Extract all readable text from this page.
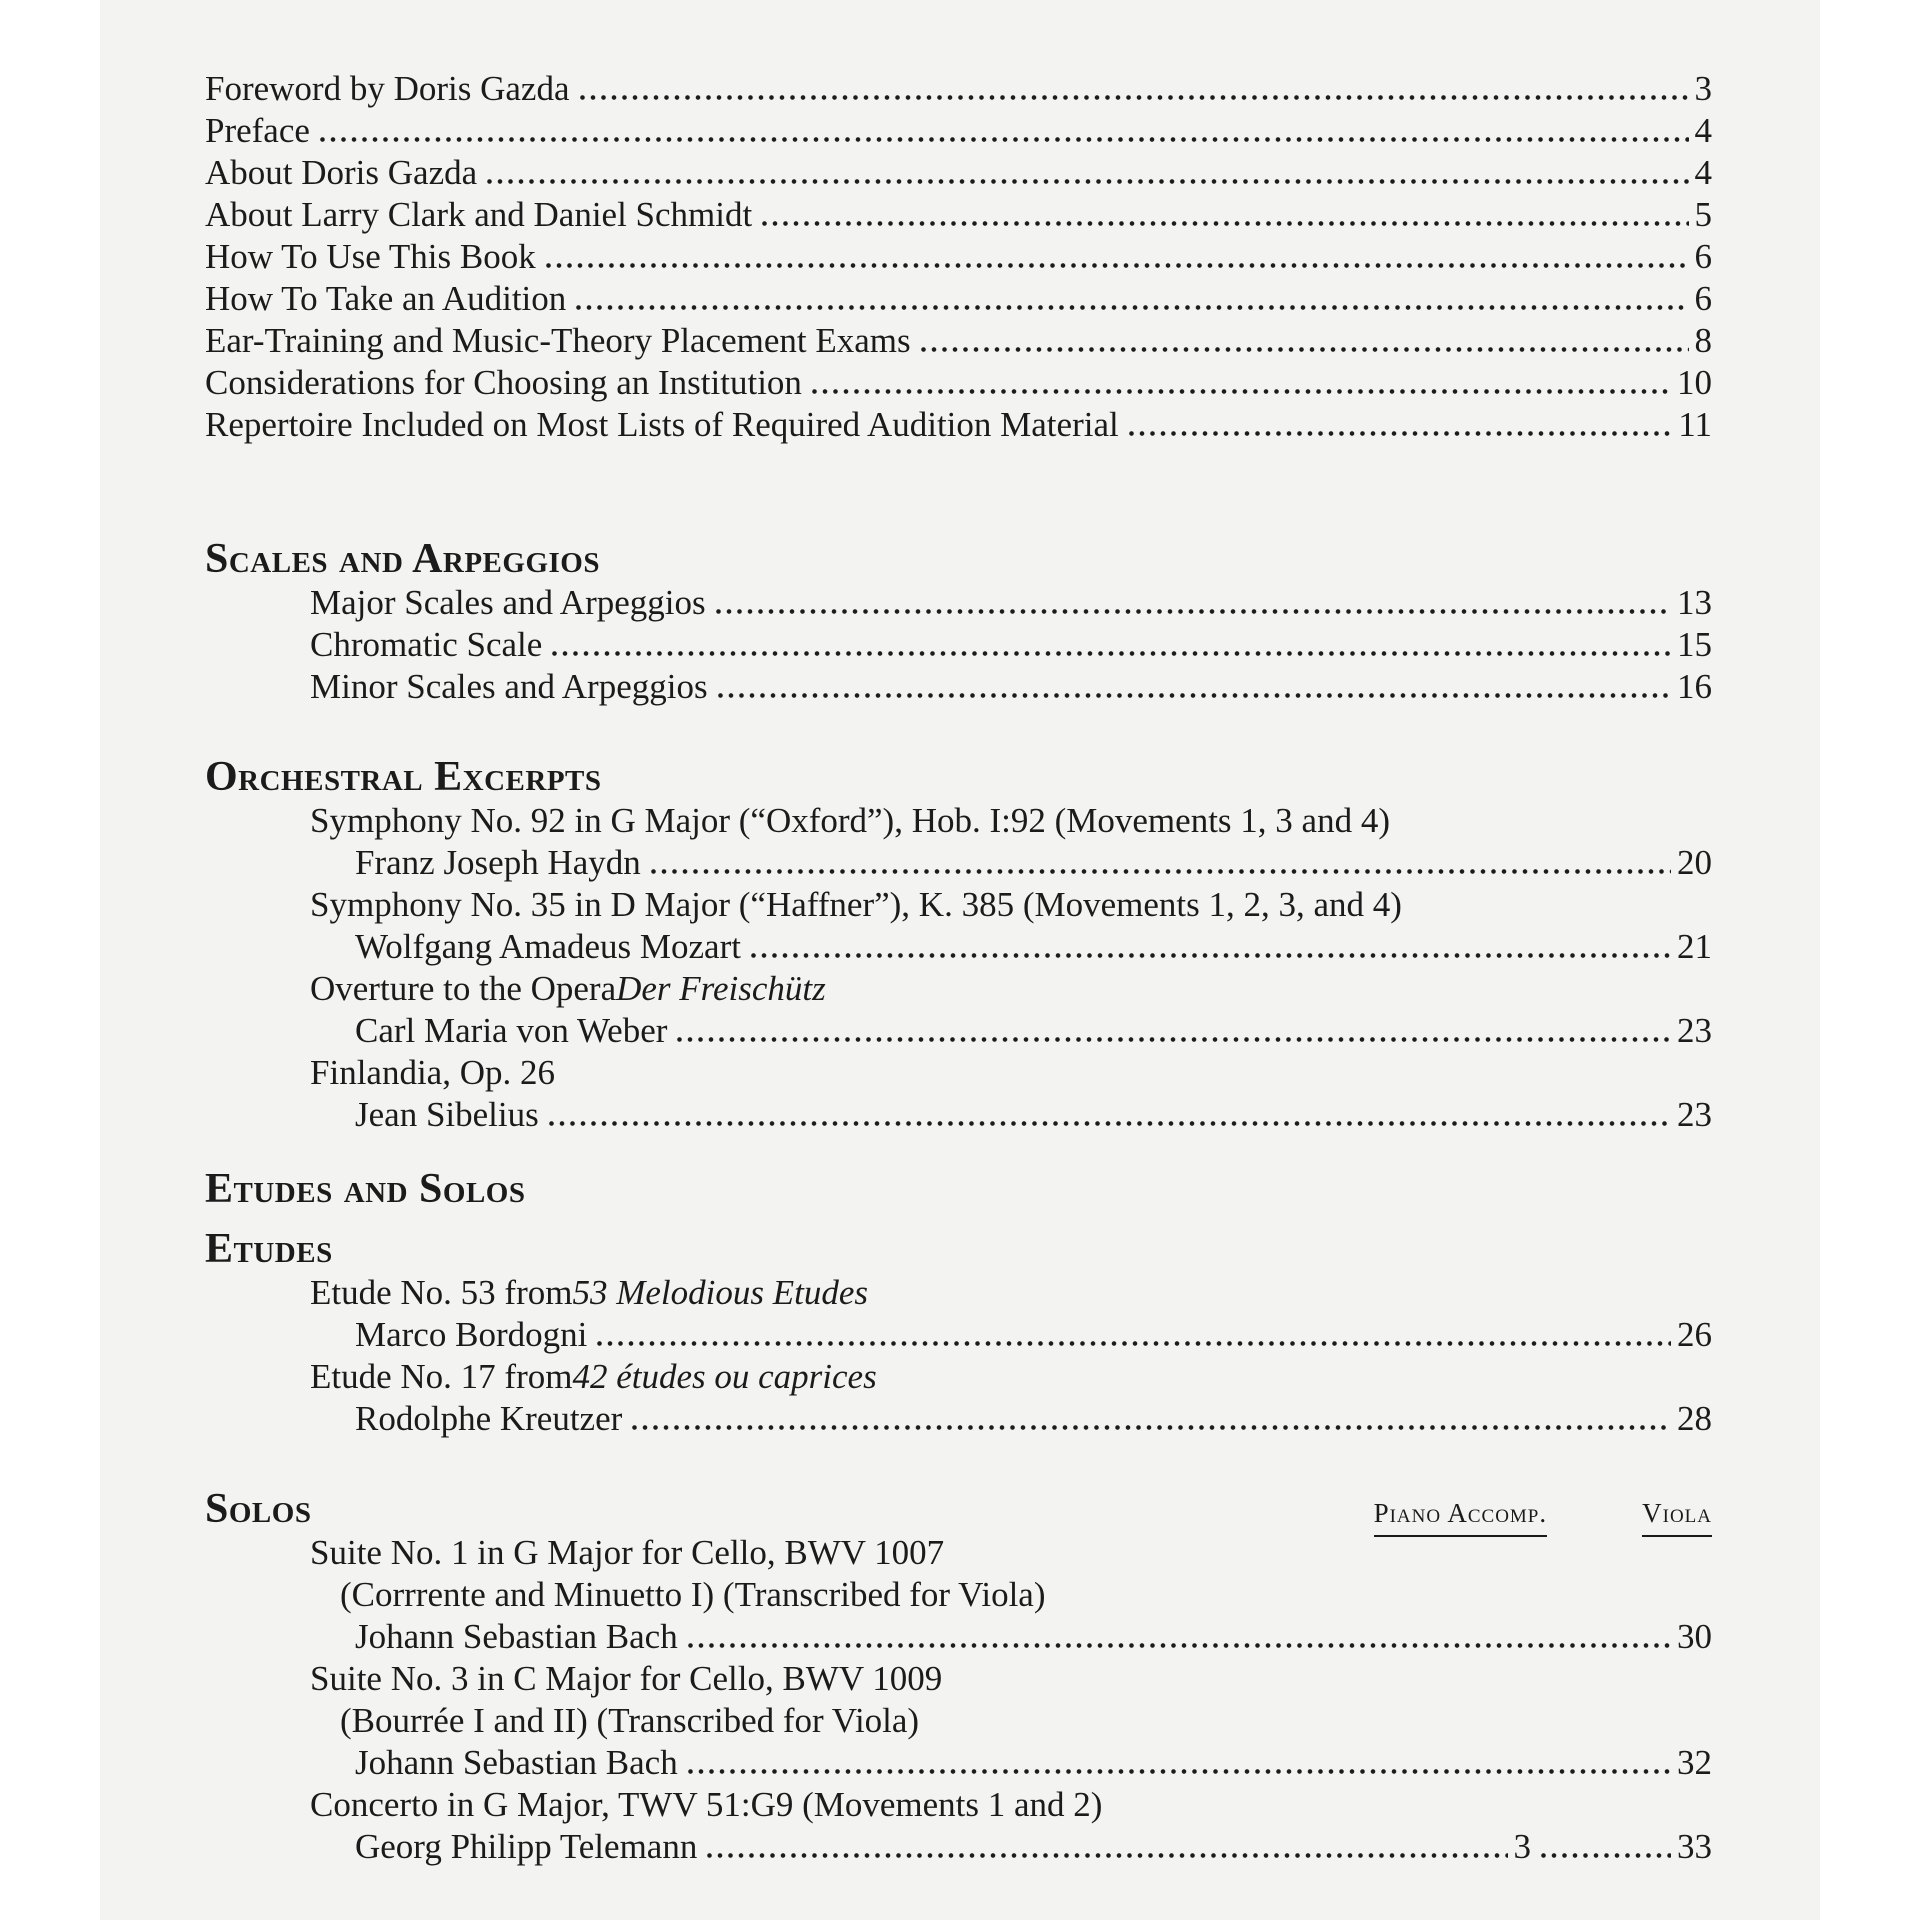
Foreword by Doris Gazda	3
Preface	4
About Doris Gazda	4
About Larry Clark and Daniel Schmidt	5
How To Use This Book	6
How To Take an Audition	6
Ear-Training and Music-Theory Placement Exams	8
Considerations for Choosing an Institution	10
Repertoire Included on Most Lists of Required Audition Material	11
Scales and Arpeggios
Major Scales and Arpeggios	13
Chromatic Scale	15
Minor Scales and Arpeggios	16
Orchestral Excerpts
Symphony No. 92 in G Major (“Oxford”), Hob. I:92 (Movements 1, 3 and 4)
Franz Joseph Haydn	20
Symphony No. 35 in D Major (“Haffner”), K. 385 (Movements 1, 2, 3, and 4)
Wolfgang Amadeus Mozart	21
Overture to the Opera Der Freischütz
Carl Maria von Weber	23
Finlandia, Op. 26
Jean Sibelius	23
Etudes and Solos
Etudes
Etude No. 53 from 53 Melodious Etudes
Marco Bordogni	26
Etude No. 17 from 42 études ou caprices
Rodolphe Kreutzer	28
Solos	Piano Accomp.	Viola
Suite No. 1 in G Major for Cello, BWV 1007
(Corrrente and Minuetto I) (Transcribed for Viola)
Johann Sebastian Bach	30
Suite No. 3 in C Major for Cello, BWV 1009
(Bourrée I and II) (Transcribed for Viola)
Johann Sebastian Bach	32
Concerto in G Major, TWV 51:G9 (Movements 1 and 2)
Georg Philipp Telemann	3	33
